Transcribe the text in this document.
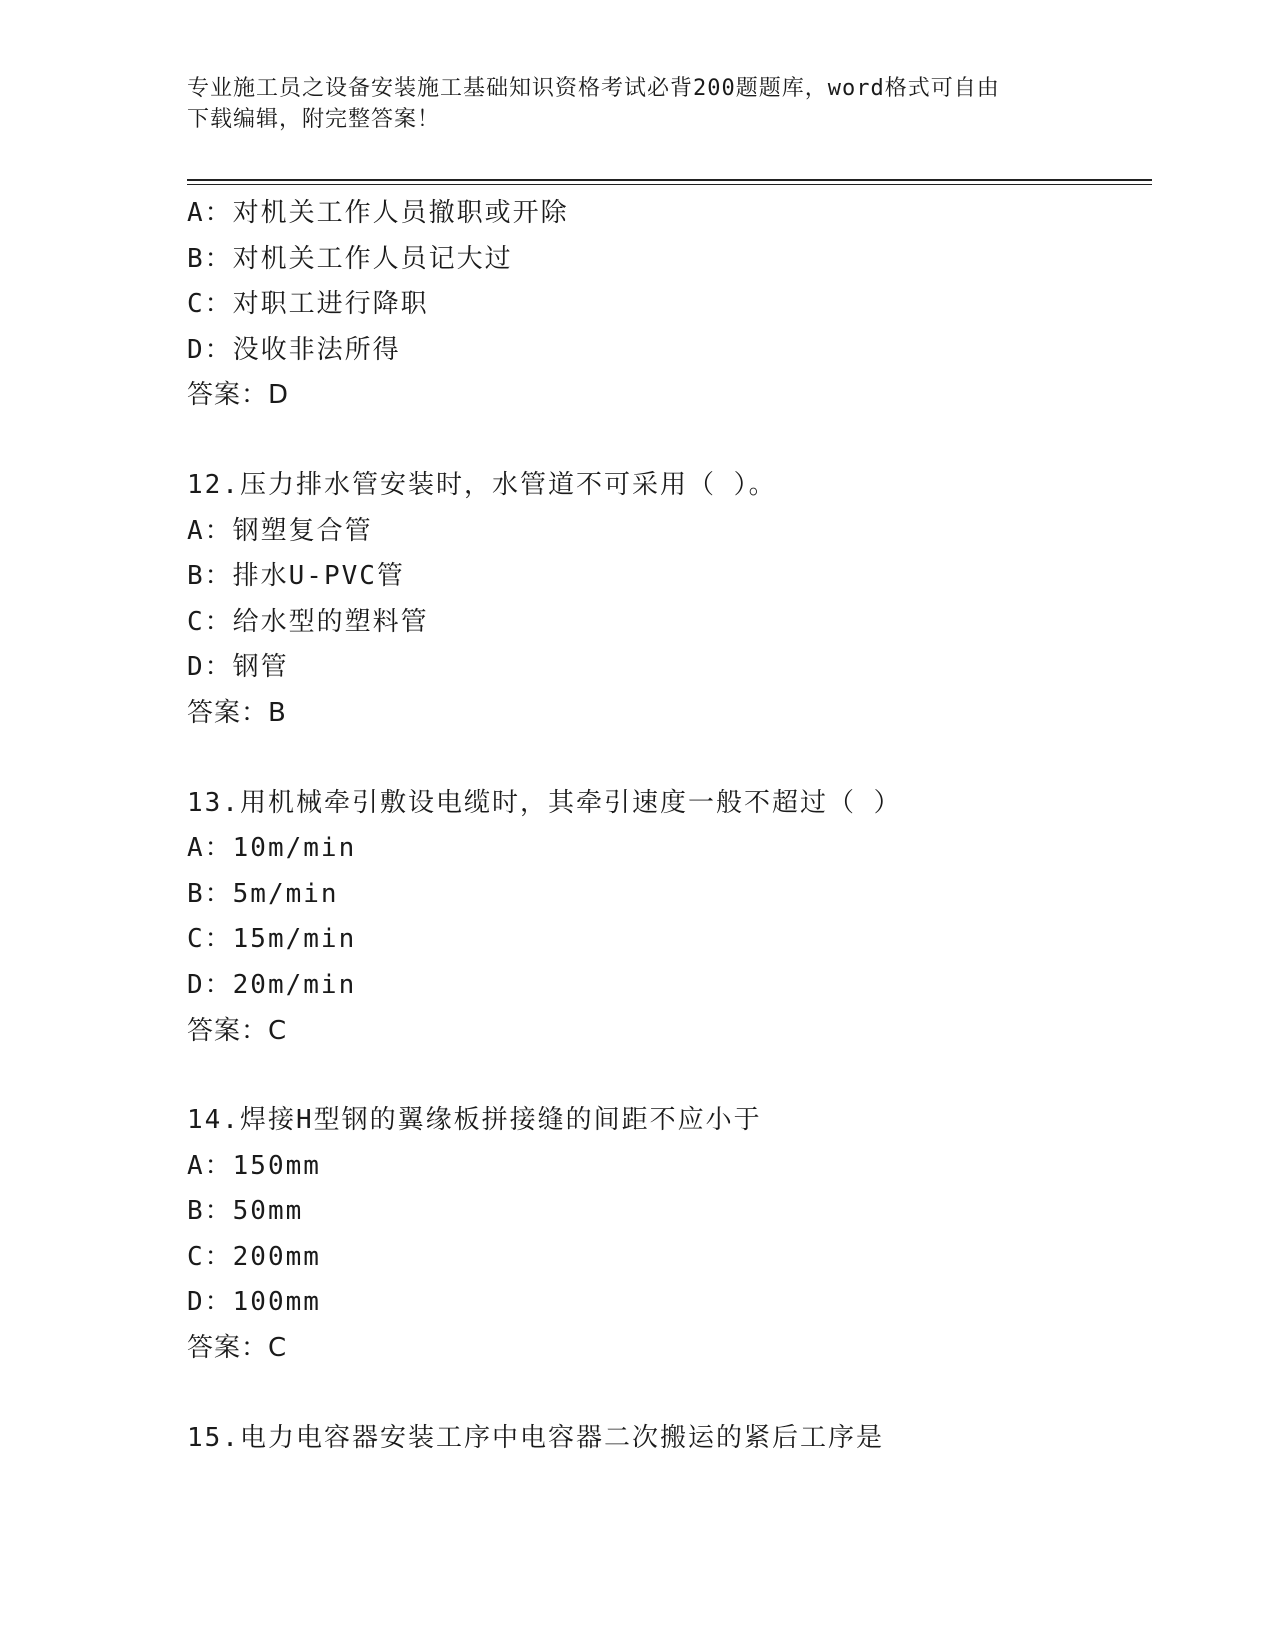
专业施工员之设备安装施工基础知识资格考试必背200题题库，word格式可自由
下载编辑，附完整答案！
A：对机关工作人员撤职或开除
B：对机关工作人员记大过
C：对职工进行降职
D：没收非法所得
答案：D
12.压力排水管安装时，水管道不可采用（ ）。
A：钢塑复合管
B：排水U-PVC管
C：给水型的塑料管
D：钢管
答案：B
13.用机械牵引敷设电缆时，其牵引速度一般不超过（ ）
A：10m/min
B：5m/min
C：15m/min
D：20m/min
答案：C
14.焊接H型钢的翼缘板拼接缝的间距不应小于
A：150mm
B：50mm
C：200mm
D：100mm
答案：C
15.电力电容器安装工序中电容器二次搬运的紧后工序是
